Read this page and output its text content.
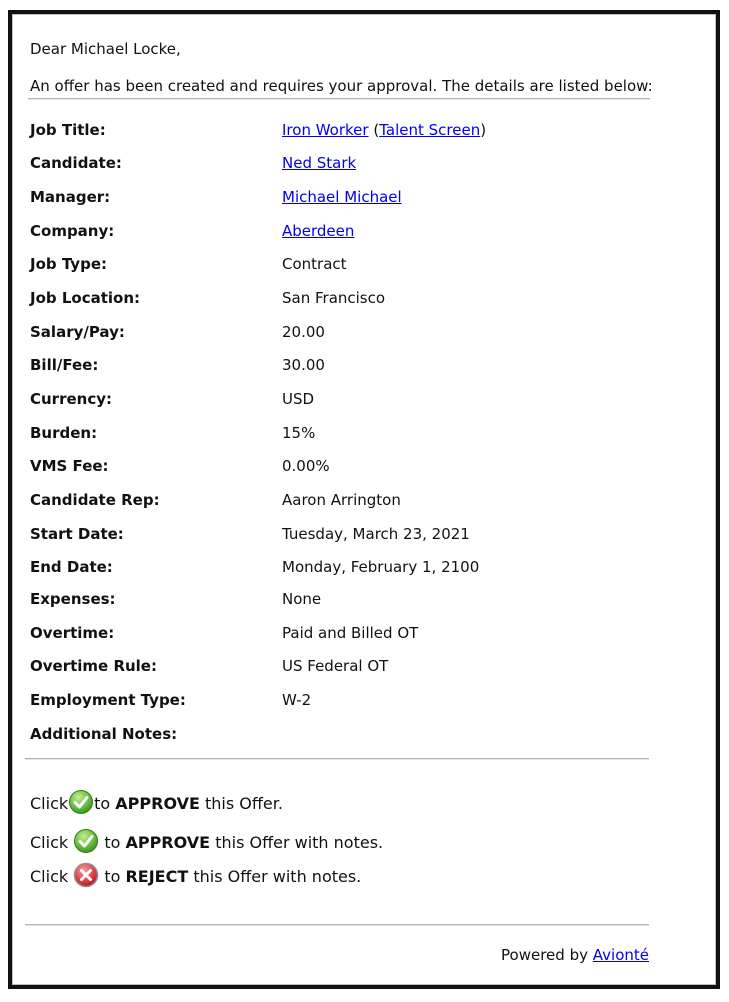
Dear Michael Locke,
An offer has been created and requires your approval. The details are listed below:
Job Title:	Iron Worker (Talent Screen)
Candidate:	Ned Stark
Manager:	Michael Michael
Company:	Aberdeen
Job Type:	Contract
Job Location:	San Francisco
Salary/Pay:	20.00
Bill/Fee:	30.00
Currency:	USD
Burden:	15%
VMS Fee:	0.00%
Candidate Rep:	Aaron Arrington
Start Date:	Tuesday, March 23, 2021
End Date:	Monday, February 1, 2100
Expenses:	None
Overtime:	Paid and Billed OT
Overtime Rule:	US Federal OT
Employment Type:	W-2
Additional Notes:
Click to APPROVE this Offer.
Click to APPROVE this Offer with notes.
Click to REJECT this Offer with notes.
Powered by Avionté
